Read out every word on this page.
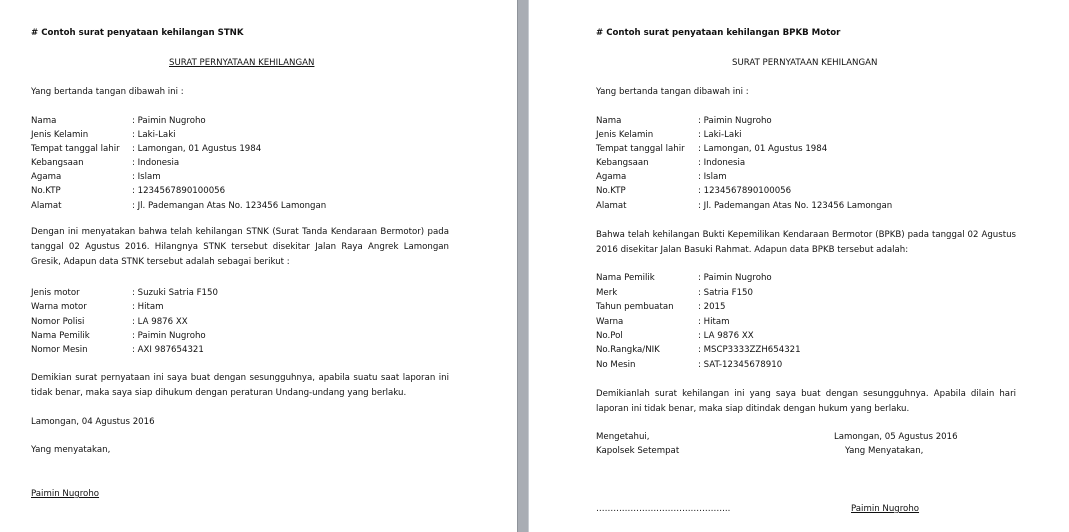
# Contoh surat penyataan kehilangan STNK
SURAT PERNYATAAN KEHILANGAN
Yang bertanda tangan dibawah ini :
Nama	: Paimin Nugroho
Jenis Kelamin	: Laki-Laki
Tempat tanggal lahir : Lamongan, 01 Agustus 1984
Kebangsaan	: Indonesia
Agama	: Islam
No.KTP	: 1234567890100056
Alamat	: Jl. Pademangan Atas No. 123456 Lamongan
Dengan ini menyatakan bahwa telah kehilangan STNK (Surat Tanda Kendaraan Bermotor) pada tanggal 02 Agustus 2016. Hilangnya STNK tersebut disekitar Jalan Raya Angrek Lamongan Gresik, Adapun data STNK tersebut adalah sebagai berikut :
Jenis motor	: Suzuki Satria F150
Warna motor	: Hitam
Nomor Polisi	: LA 9876 XX
Nama Pemilik	: Paimin Nugroho
Nomor Mesin	: AXI 987654321
Demikian surat pernyataan ini saya buat dengan sesungguhnya, apabila suatu saat laporan ini tidak benar, maka saya siap dihukum dengan peraturan Undang-undang yang berlaku.
Lamongan, 04 Agustus 2016
Yang menyatakan,
Paimin Nugroho
# Contoh surat penyataan kehilangan BPKB Motor
SURAT PERNYATAAN KEHILANGAN
Yang bertanda tangan dibawah ini :
Nama	: Paimin Nugroho
Jenis Kelamin	: Laki-Laki
Tempat tanggal lahir : Lamongan, 01 Agustus 1984
Kebangsaan	: Indonesia
Agama	: Islam
No.KTP	: 1234567890100056
Alamat	: Jl. Pademangan Atas No. 123456 Lamongan
Bahwa telah kehilangan Bukti Kepemilikan Kendaraan Bermotor (BPKB) pada tanggal 02 Agustus 2016 disekitar Jalan Basuki Rahmat. Adapun data BPKB tersebut adalah:
Nama Pemilik	: Paimin Nugroho
Merk	: Satria F150
Tahun pembuatan	: 2015
Warna	: Hitam
No.Pol	: LA 9876 XX
No.Rangka/NIK	: MSCP3333ZZH654321
No Mesin	: SAT-12345678910
Demikianlah surat kehilangan ini yang saya buat dengan sesungguhnya. Apabila dilain hari laporan ini tidak benar, maka siap ditindak dengan hukum yang berlaku.
Mengetahui,
Kapolsek Setempat
Lamongan, 05 Agustus 2016
Yang Menyatakan,
………………………………………..	Paimin Nugroho
